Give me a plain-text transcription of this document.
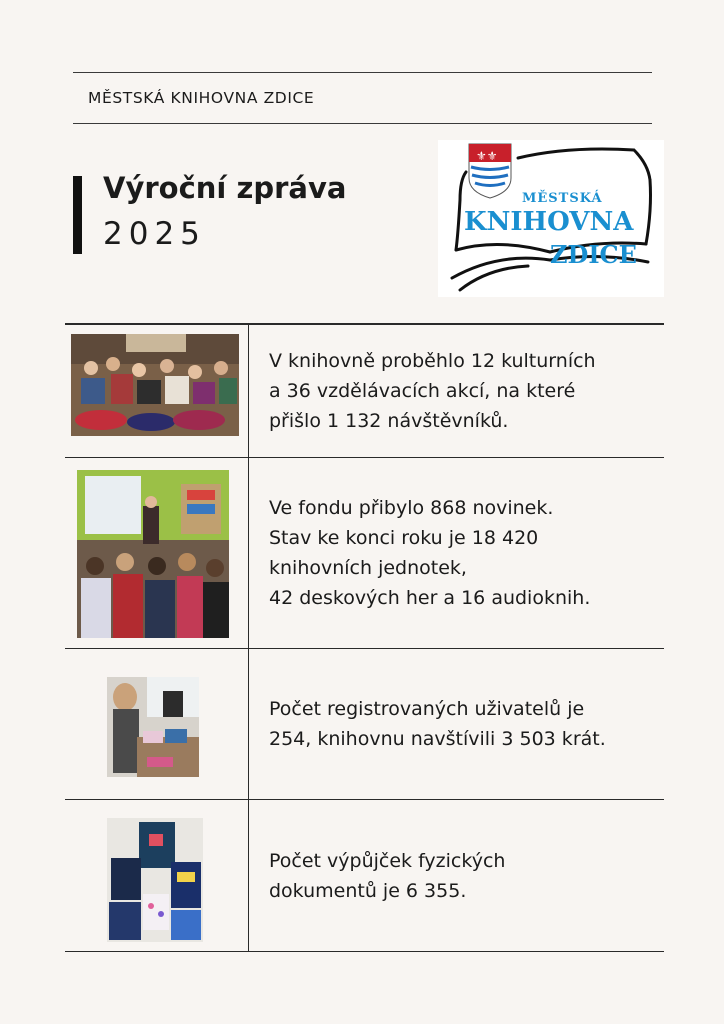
MĚSTSKÁ KNIHOVNA ZDICE
Výroční zpráva
2025
⚜⚜
MĚSTSKÁ
KNIHOVNA
ZDICE

V knihovně proběhlo 12 kulturních
a 36 vzdělávacích akcí, na které
přišlo 1 132 návštěvníků.

Ve fondu přibylo 868 novinek.
Stav ke konci roku je 18 420
knihovních jednotek,
42 deskových her a 16 audioknih.

Počet registrovaných uživatelů je
254, knihovnu navštívili 3 503 krát.

Počet výpůjček fyzických
dokumentů je 6 355.
